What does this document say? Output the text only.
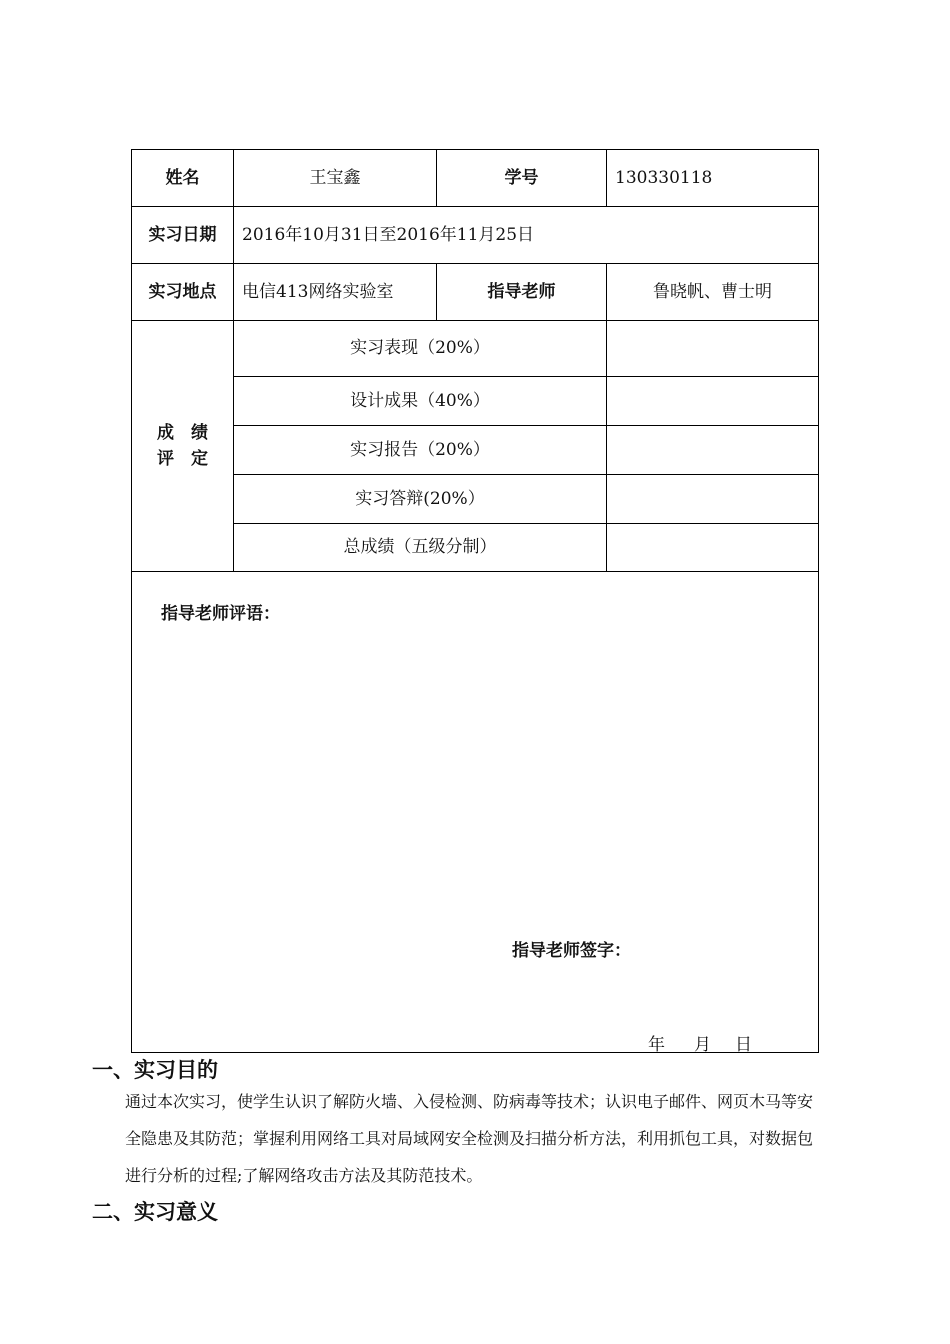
姓名	王宝鑫	学号	130330118
实习日期	2016年10月31日至2016年11月25日
实习地点	电信413网络实验室	指导老师	鲁晓帆、曹士明
成　绩
评　定
实习表现（20%）
设计成果（40%）
实习报告（20%）
实习答辩(20%）
总成绩（五级分制）
指导老师评语：
指导老师签字：
年 月 日
一、实习目的
通过本次实习，使学生认识了解防火墙、入侵检测、防病毒等技术；认识电子邮件、网页木马等安
全隐患及其防范；掌握利用网络工具对局域网安全检测及扫描分析方法，利用抓包工具，对数据包
进行分析的过程;了解网络攻击方法及其防范技术。
二、实习意义
